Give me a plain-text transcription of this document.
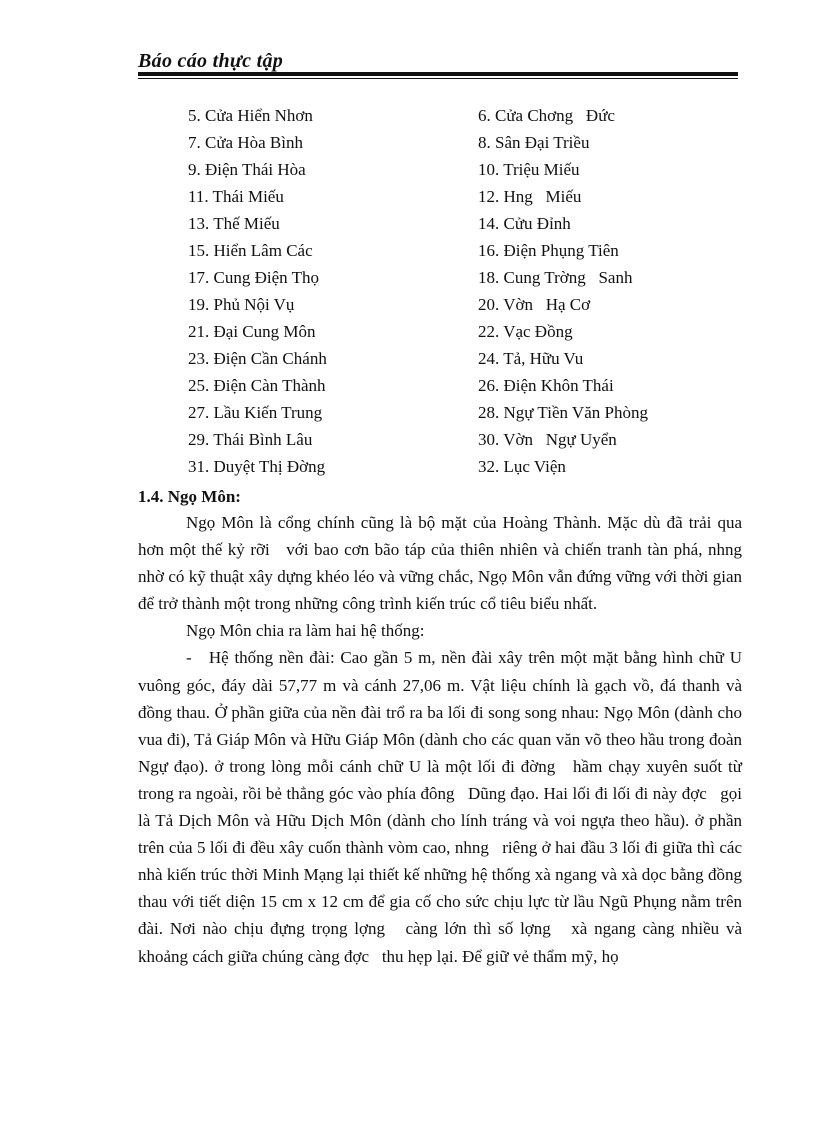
Báo cáo thực tập
5. Cửa Hiển Nhơn	6. Cửa Chơng   Đức
7. Cửa Hòa Bình	8. Sân Đại Triều
9. Điện Thái Hòa	10. Triệu Miếu
11. Thái Miếu	12. Hng   Miếu
13. Thế Miếu	14. Cửu Đỉnh
15. Hiển Lâm Các	16. Điện Phụng Tiên
17. Cung Điện Thọ	18. Cung Trờng   Sanh
19. Phủ Nội Vụ	20. Vờn   Hạ Cơ
21. Đại Cung Môn	22. Vạc Đồng
23. Điện Cần Chánh	24. Tả, Hữu Vu
25. Điện Càn Thành	26. Điện Khôn Thái
27. Lầu Kiến Trung	28. Ngự Tiền Văn Phòng
29. Thái Bình Lâu	30. Vờn   Ngự Uyển
31. Duyệt Thị Đờng	32. Lục Viện
1.4. Ngọ Môn:

Ngọ Môn là cổng chính cũng là bộ mặt của Hoàng Thành. Mặc dù đã trải qua hơn một thế kỷ rỡi   với bao cơn bão táp của thiên nhiên và chiến tranh tàn phá, nhng   nhờ có kỹ thuật xây dựng khéo léo và vững chắc, Ngọ Môn vẫn đứng vững với thời gian để trở thành một trong những công trình kiến trúc cổ tiêu biểu nhất.

Ngọ Môn chia ra làm hai hệ thống:

-   Hệ thống nền đài: Cao gần 5 m, nền đài xây trên một mặt bằng hình chữ U vuông góc, đáy dài 57,77 m và cánh 27,06 m. Vật liệu chính là gạch vồ, đá thanh và đồng thau. Ở phần giữa của nền đài trổ ra ba lối đi song song nhau: Ngọ Môn (dành cho vua đi), Tả Giáp Môn và Hữu Giáp Môn (dành cho các quan văn võ theo hầu trong đoàn Ngự đạo). ở trong lòng mỗi cánh chữ U là một lối đi đờng   hầm chạy xuyên suốt từ trong ra ngoài, rồi bẻ thẳng góc vào phía đông   Dũng đạo. Hai lối đi lối đi này đợc   gọi là Tả Dịch Môn và Hữu Dịch Môn (dành cho lính tráng và voi ngựa theo hầu). ở phần trên của 5 lối đi đều xây cuốn thành vòm cao, nhng   riêng ở hai đầu 3 lối đi giữa thì các nhà kiến trúc thời Minh Mạng lại thiết kế những hệ thống xà ngang và xà dọc bằng đồng thau với tiết diện 15 cm x 12 cm để gia cố cho sức chịu lực từ lầu Ngũ Phụng nằm trên đài. Nơi nào chịu đựng trọng lợng   càng lớn thì số lợng   xà ngang càng nhiều và khoảng cách giữa chúng càng đợc   thu hẹp lại. Để giữ vẻ thẩm mỹ, họ
